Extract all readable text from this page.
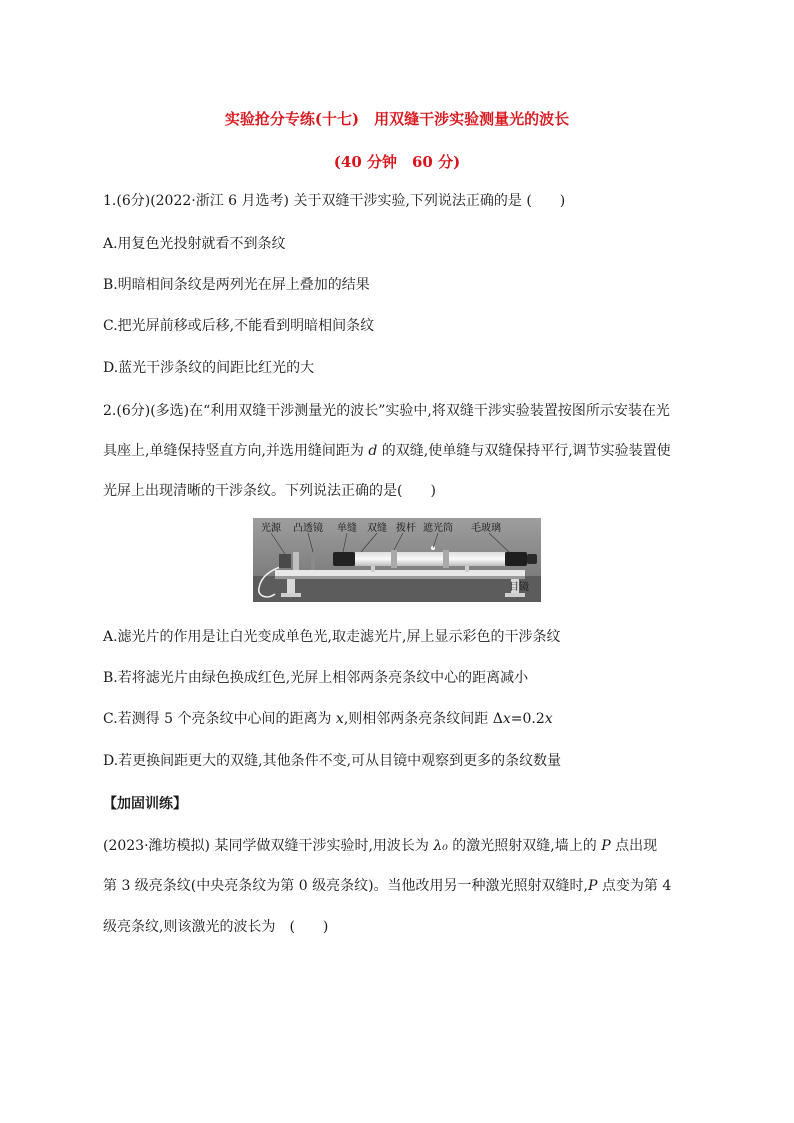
实验抢分专练(十七)　用双缝干涉实验测量光的波长
(40 分钟　60 分)
1.(6分)(2022·浙江 6 月选考) 关于双缝干涉实验,下列说法正确的是 (　　)
A.用复色光投射就看不到条纹
B.明暗相间条纹是两列光在屏上叠加的结果
C.把光屏前移或后移,不能看到明暗相间条纹
D.蓝光干涉条纹的间距比红光的大
2.(6分)(多选)在“利用双缝干涉测量光的波长”实验中,将双缝干涉实验装置按图所示安装在光
具座上,单缝保持竖直方向,并选用缝间距为 d 的双缝,使单缝与双缝保持平行,调节实验装置使
光屏上出现清晰的干涉条纹。下列说法正确的是(　　)
光源 凸透镜 单缝 双缝 拨杆 遮光筒 毛玻璃
目镜
A.滤光片的作用是让白光变成单色光,取走滤光片,屏上显示彩色的干涉条纹
B.若将滤光片由绿色换成红色,光屏上相邻两条亮条纹中心的距离减小
C.若测得 5 个亮条纹中心间的距离为 x,则相邻两条亮条纹间距 Δx=0.2x
D.若更换间距更大的双缝,其他条件不变,可从目镜中观察到更多的条纹数量
【加固训练】
(2023·潍坊模拟) 某同学做双缝干涉实验时,用波长为 λ₀ 的激光照射双缝,墙上的 P 点出现
第 3 级亮条纹(中央亮条纹为第 0 级亮条纹)。当他改用另一种激光照射双缝时,P 点变为第 4
级亮条纹,则该激光的波长为　(　　)
